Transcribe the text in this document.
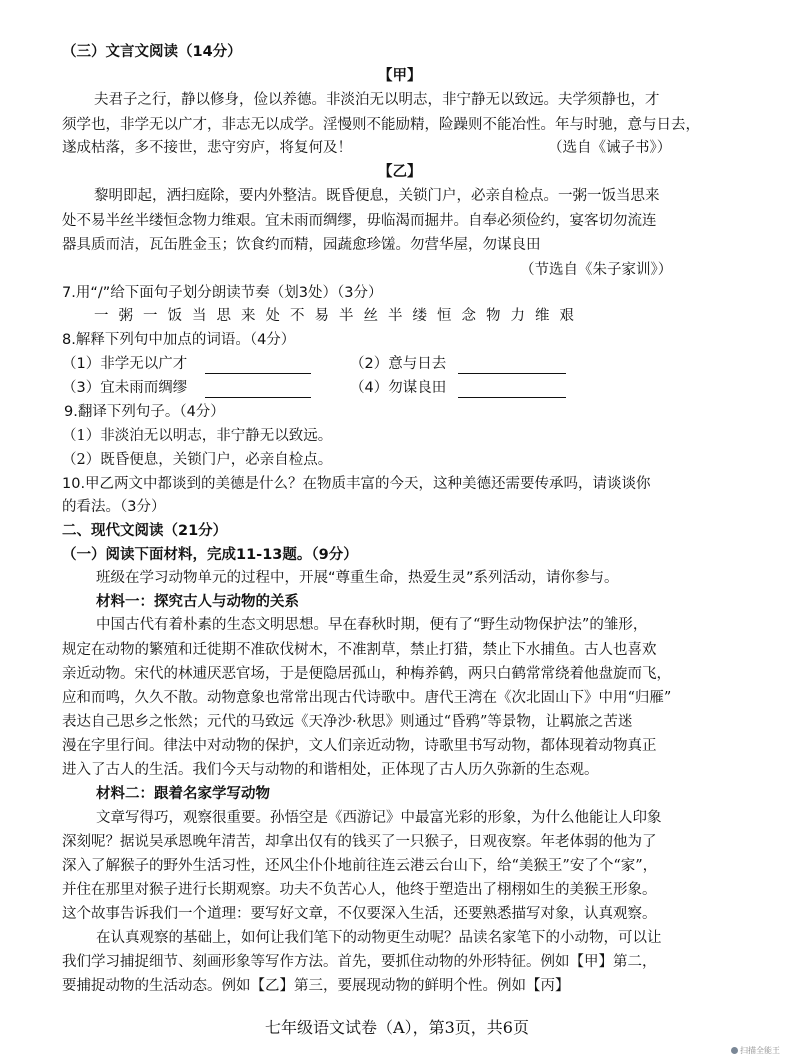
（三）文言文阅读（14分）
【甲】
夫君子之行，静以修身，俭以养德。非淡泊无以明志，非宁静无以致远。夫学须静也，才
须学也，非学无以广才，非志无以成学。淫慢则不能励精，险躁则不能冶性。年与时驰，意与日去，
遂成枯落，多不接世，悲守穷庐，将复何及！	（选自《诫子书》）
【乙】
黎明即起，洒扫庭除，要内外整洁。既昏便息，关锁门户，必亲自检点。一粥一饭当思来
处不易半丝半缕恒念物力维艰。宜未雨而绸缪，毋临渴而掘井。自奉必须俭约，宴客切勿流连
器具质而洁，瓦缶胜金玉；饮食约而精，园蔬愈珍馐。勿营华屋，勿谋良田
（节选自《朱子家训》）
7.用“/”给下面句子划分朗读节奏（划3处）（3分）
一粥一饭当思来处不易半丝半缕恒念物力维艰
8.解释下列句中加点的词语。（4分）
（1）非学无以广才	（2）意与日去
（3）宜未雨而绸缪	（4）勿谋良田
9.翻译下列句子。（4分）
（1）非淡泊无以明志，非宁静无以致远。
（2）既昏便息，关锁门户，必亲自检点。
10.甲乙两文中都谈到的美德是什么？在物质丰富的今天，这种美德还需要传承吗，请谈谈你
的看法。（3分）
二、现代文阅读（21分）
（一）阅读下面材料，完成11-13题。（9分）
班级在学习动物单元的过程中，开展“尊重生命，热爱生灵”系列活动，请你参与。
材料一：探究古人与动物的关系
中国古代有着朴素的生态文明思想。早在春秋时期，便有了“野生动物保护法”的雏形，
规定在动物的繁殖和迁徙期不准砍伐树木，不准割草，禁止打猎，禁止下水捕鱼。古人也喜欢
亲近动物。宋代的林逋厌恶官场，于是便隐居孤山，种梅养鹤，两只白鹤常常绕着他盘旋而飞，
应和而鸣，久久不散。动物意象也常常出现古代诗歌中。唐代王湾在《次北固山下》中用“归雁”
表达自己思乡之怅然；元代的马致远《天净沙·秋思》则通过“昏鸦”等景物，让羁旅之苦迷
漫在字里行间。律法中对动物的保护，文人们亲近动物，诗歌里书写动物，都体现着动物真正
进入了古人的生活。我们今天与动物的和谐相处，正体现了古人历久弥新的生态观。
材料二：跟着名家学写动物
文章写得巧，观察很重要。孙悟空是《西游记》中最富光彩的形象，为什么他能让人印象
深刻呢？据说吴承恩晚年清苦，却拿出仅有的钱买了一只猴子，日观夜察。年老体弱的他为了
深入了解猴子的野外生活习性，还风尘仆仆地前往连云港云台山下，给“美猴王”安了个“家”，
并住在那里对猴子进行长期观察。功夫不负苦心人，他终于塑造出了栩栩如生的美猴王形象。
这个故事告诉我们一个道理：要写好文章，不仅要深入生活，还要熟悉描写对象，认真观察。
在认真观察的基础上，如何让我们笔下的动物更生动呢？品读名家笔下的小动物，可以让
我们学习捕捉细节、刻画形象等写作方法。首先，要抓住动物的外形特征。例如【甲】第二，
要捕捉动物的生活动态。例如【乙】第三，要展现动物的鲜明个性。例如【丙】
七年级语文试卷（A），第3页，共6页
扫描全能王
